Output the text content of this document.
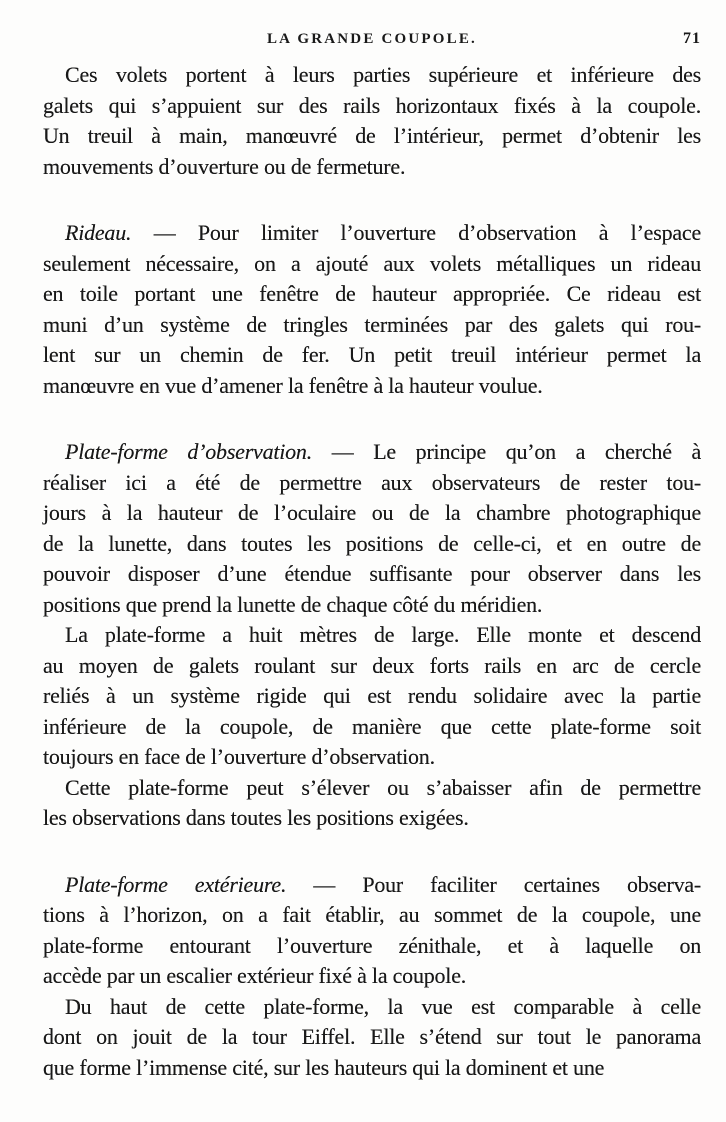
LA GRANDE COUPOLE.	71

Ces volets portent à leurs parties supérieure et inférieure des
galets qui s’appuient sur des rails horizontaux fixés à la coupole.
Un treuil à main, manœuvré de l’intérieur, permet d’obtenir les
mouvements d’ouverture ou de fermeture.

Rideau. — Pour limiter l’ouverture d’observation à l’espace
seulement nécessaire, on a ajouté aux volets métalliques un rideau
en toile portant une fenêtre de hauteur appropriée. Ce rideau est
muni d’un système de tringles terminées par des galets qui rou-
lent sur un chemin de fer. Un petit treuil intérieur permet la
manœuvre en vue d’amener la fenêtre à la hauteur voulue.

Plate-forme d’observation. — Le principe qu’on a cherché à
réaliser ici a été de permettre aux observateurs de rester tou-
jours à la hauteur de l’oculaire ou de la chambre photographique
de la lunette, dans toutes les positions de celle-ci, et en outre de
pouvoir disposer d’une étendue suffisante pour observer dans les
positions que prend la lunette de chaque côté du méridien.

La plate-forme a huit mètres de large. Elle monte et descend
au moyen de galets roulant sur deux forts rails en arc de cercle
reliés à un système rigide qui est rendu solidaire avec la partie
inférieure de la coupole, de manière que cette plate-forme soit
toujours en face de l’ouverture d’observation.

Cette plate-forme peut s’élever ou s’abaisser afin de permettre
les observations dans toutes les positions exigées.

Plate-forme extérieure. — Pour faciliter certaines observa-
tions à l’horizon, on a fait établir, au sommet de la coupole, une
plate-forme entourant l’ouverture zénithale, et à laquelle on
accède par un escalier extérieur fixé à la coupole.

Du haut de cette plate-forme, la vue est comparable à celle
dont on jouit de la tour Eiffel. Elle s’étend sur tout le panorama
que forme l’immense cité, sur les hauteurs qui la dominent et une
